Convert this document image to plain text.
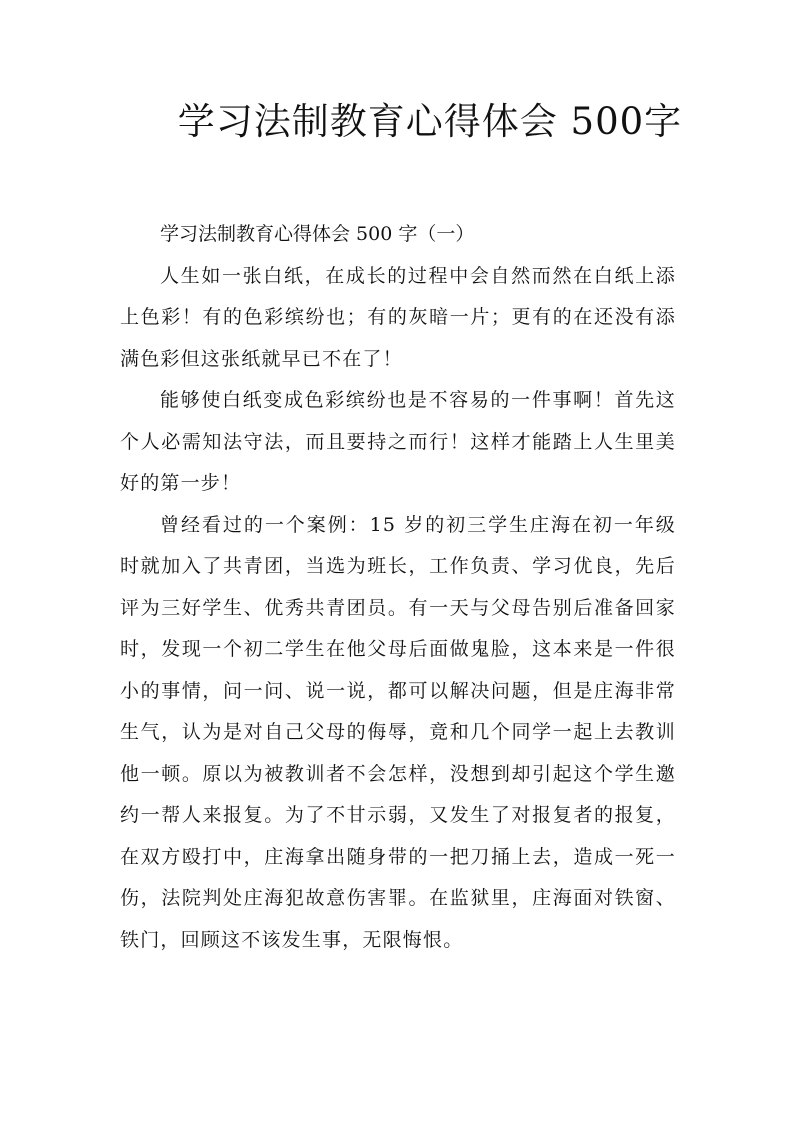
学习法制教育心得体会 500字

学习法制教育心得体会 500 字（一）

人生如一张白纸，在成长的过程中会自然而然在白纸上添上色彩！有的色彩缤纷也；有的灰暗一片；更有的在还没有添满色彩但这张纸就早已不在了！

能够使白纸变成色彩缤纷也是不容易的一件事啊！首先这个人必需知法守法，而且要持之而行！这样才能踏上人生里美好的第一步！

曾经看过的一个案例：15 岁的初三学生庄海在初一年级时就加入了共青团，当选为班长，工作负责、学习优良，先后评为三好学生、优秀共青团员。有一天与父母告别后准备回家时，发现一个初二学生在他父母后面做鬼脸，这本来是一件很小的事情，问一问、说一说，都可以解决问题，但是庄海非常生气，认为是对自己父母的侮辱，竟和几个同学一起上去教训他一顿。原以为被教训者不会怎样，没想到却引起这个学生邀约一帮人来报复。为了不甘示弱，又发生了对报复者的报复，在双方殴打中，庄海拿出随身带的一把刀捅上去，造成一死一伤，法院判处庄海犯故意伤害罪。在监狱里，庄海面对铁窗、铁门，回顾这不该发生事，无限悔恨。
